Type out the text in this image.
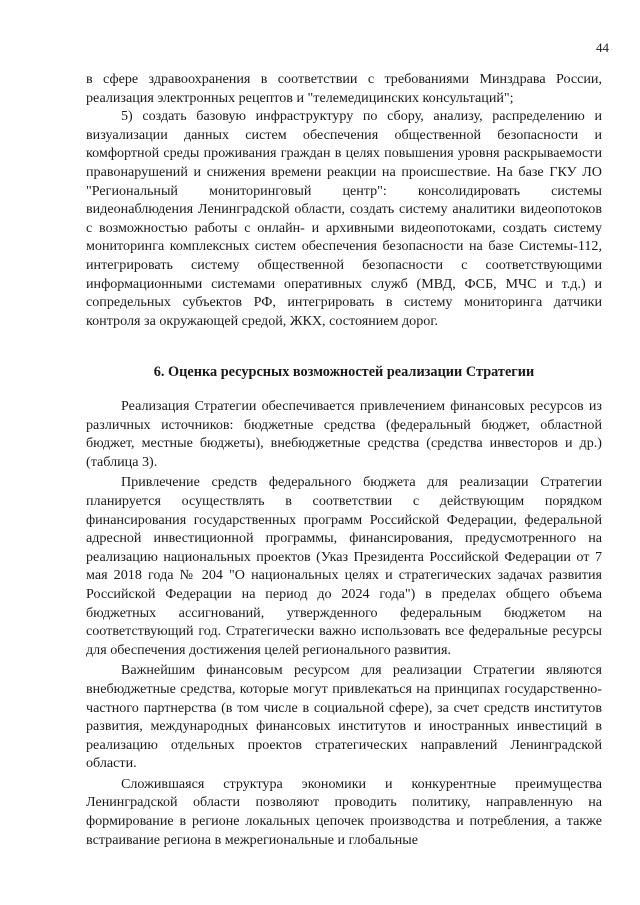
44

в сфере здравоохранения в соответствии с требованиями Минздрава России, реализация электронных рецептов и "телемедицинских консультаций";

5) создать базовую инфраструктуру по сбору, анализу, распределению и визуализации данных систем обеспечения общественной безопасности и комфортной среды проживания граждан в целях повышения уровня раскрываемости правонарушений и снижения времени реакции на происшествие. На базе ГКУ ЛО "Региональный мониторинговый центр": консолидировать системы видеонаблюдения Ленинградской области, создать систему аналитики видеопотоков с возможностью работы с онлайн- и архивными видеопотоками, создать систему мониторинга комплексных систем обеспечения безопасности на базе Системы-112, интегрировать систему общественной безопасности с соответствующими информационными системами оперативных служб (МВД, ФСБ, МЧС и т.д.) и сопредельных субъектов РФ, интегрировать в систему мониторинга датчики контроля за окружающей средой, ЖКХ, состоянием дорог.

6. Оценка ресурсных возможностей реализации Стратегии

Реализация Стратегии обеспечивается привлечением финансовых ресурсов из различных источников: бюджетные средства (федеральный бюджет, областной бюджет, местные бюджеты), внебюджетные средства (средства инвесторов и др.) (таблица 3).

Привлечение средств федерального бюджета для реализации Стратегии планируется осуществлять в соответствии с действующим порядком финансирования государственных программ Российской Федерации, федеральной адресной инвестиционной программы, финансирования, предусмотренного на реализацию национальных проектов (Указ Президента Российской Федерации от 7 мая 2018 года № 204 "О национальных целях и стратегических задачах развития Российской Федерации на период до 2024 года") в пределах общего объема бюджетных ассигнований, утвержденного федеральным бюджетом на соответствующий год. Стратегически важно использовать все федеральные ресурсы для обеспечения достижения целей регионального развития.

Важнейшим финансовым ресурсом для реализации Стратегии являются внебюджетные средства, которые могут привлекаться на принципах государственно-частного партнерства (в том числе в социальной сфере), за счет средств институтов развития, международных финансовых институтов и иностранных инвестиций в реализацию отдельных проектов стратегических направлений Ленинградской области.

Сложившаяся структура экономики и конкурентные преимущества Ленинградской области позволяют проводить политику, направленную на формирование в регионе локальных цепочек производства и потребления, а также встраивание региона в межрегиональные и глобальные
